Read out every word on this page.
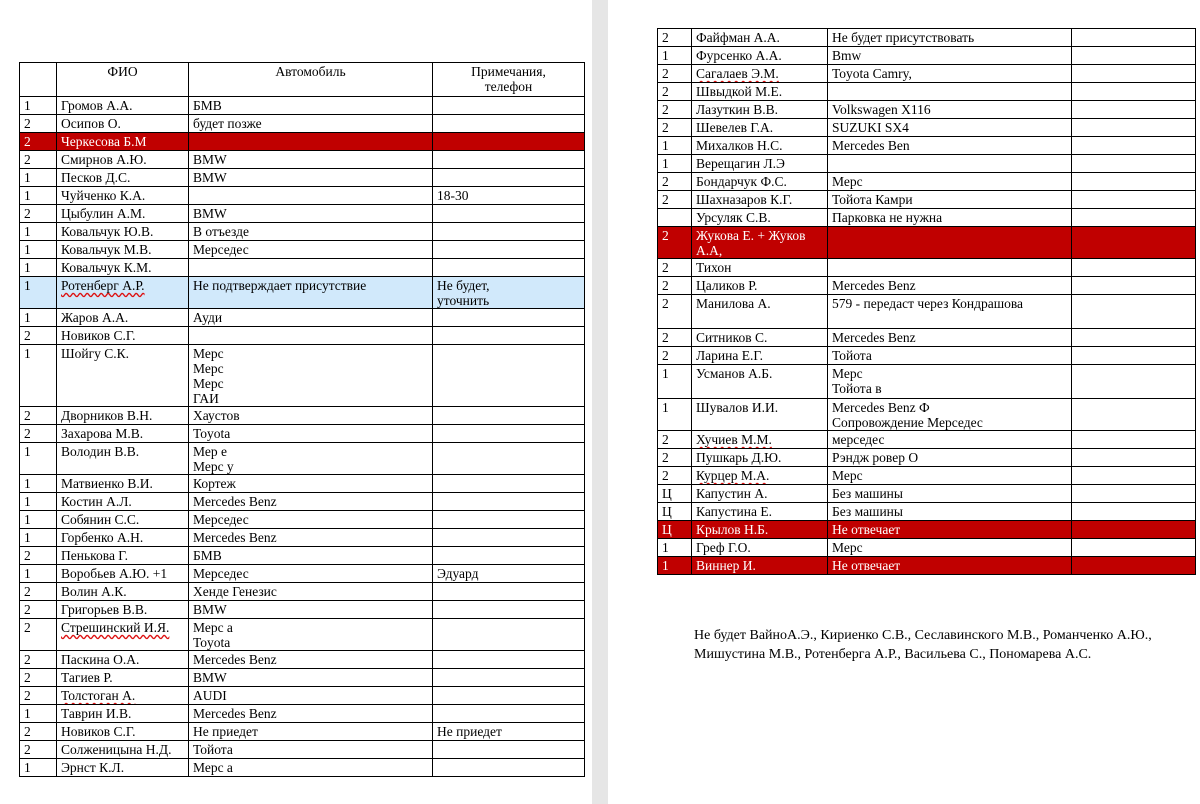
	ФИО	Автомобиль	Примечания,
телефон
1	Громов А.А.	БМВ	
2	Осипов О.	будет позже	
2	Черкесова Б.М		
2	Смирнов А.Ю.	BMW	
1	Песков Д.С.	BMW	
1	Чуйченко К.А.		18-30
2	Цыбулин А.М.	BMW	
1	Ковальчук Ю.В.	В отъезде	
1	Ковальчук М.В.	Мерседес	
1	Ковальчук К.М.		
1	Ротенберг А.Р.	Не подтверждает присутствие	Не будет,
уточнить
1	Жаров А.А.	Ауди	
2	Новиков С.Г.		
1	Шойгу С.К.	Мерс
Мерс
Мерс
ГАИ	
2	Дворников В.Н.	Хаустов	
2	Захарова М.В.	Toyota	
1	Володин В.В.	Мер е
Мерс у	
1	Матвиенко В.И.	Кортеж	
1	Костин А.Л.	Mercedes Benz	
1	Собянин С.С.	Мерседес	
1	Горбенко А.Н.	Mercedes Benz	
2	Пенькова Г.	БМВ	
1	Воробьев А.Ю. +1	Мерседес	Эдуард
2	Волин А.К.	Хенде Генезис	
2	Григорьев В.В.	BMW	
2	Стрешинский И.Я.	Мерс а
Toyota	
2	Паскина О.А.	Mercedes Benz	
2	Тагиев Р.	BMW	
2	Толстоган А.	AUDI	
1	Таврин И.В.	Mercedes Benz	
2	Новиков С.Г.	Не приедет	Не приедет
2	Солженицына Н.Д.	Тойота	
1	Эрнст К.Л.	Мерс а	
2	Файфман А.А.	Не будет присутствовать	
1	Фурсенко А.А.	Bmw	
2	Сагалаев Э.М.	Toyota Camry,	
2	Швыдкой М.Е.		
2	Лазуткин В.В.	Volkswagen X116	
2	Шевелев Г.А.	SUZUKI SX4	
1	Михалков Н.С.	Mercedes Ben	
1	Верещагин Л.Э		
2	Бондарчук Ф.С.	Мерс	
2	Шахназаров К.Г.	Тойота Камри	
	Урсуляк С.В.	Парковка не нужна	
2	Жукова Е. + Жуков
А.А,		
2	Тихон		
2	Цаликов Р.	Mercedes Benz	
2	Манилова А.	579 - передаст через Кондрашова	
2	Ситников С.	Mercedes Benz	
2	Ларина Е.Г.	Тойота	
1	Усманов А.Б.	Мерс
Тойота в	
1	Шувалов И.И.	Mercedes Benz Ф
Сопровождение Мерседес	
2	Хучиев М.М.	мерседес	
2	Пушкарь Д.Ю.	Рэндж ровер О	
2	Курцер М.А.	Мерс	
Ц	Капустин А.	Без машины	
Ц	Капустина Е.	Без машины	
Ц	Крылов Н.Б.	Не отвечает	
1	Греф Г.О.	Мерс	
1	Виннер И.	Не отвечает	
Не будет ВайноА.Э., Кириенко С.В., Сеславинского М.В., Романченко А.Ю., Мишустина М.В., Ротенберга А.Р., Васильева С., Пономарева А.С.
